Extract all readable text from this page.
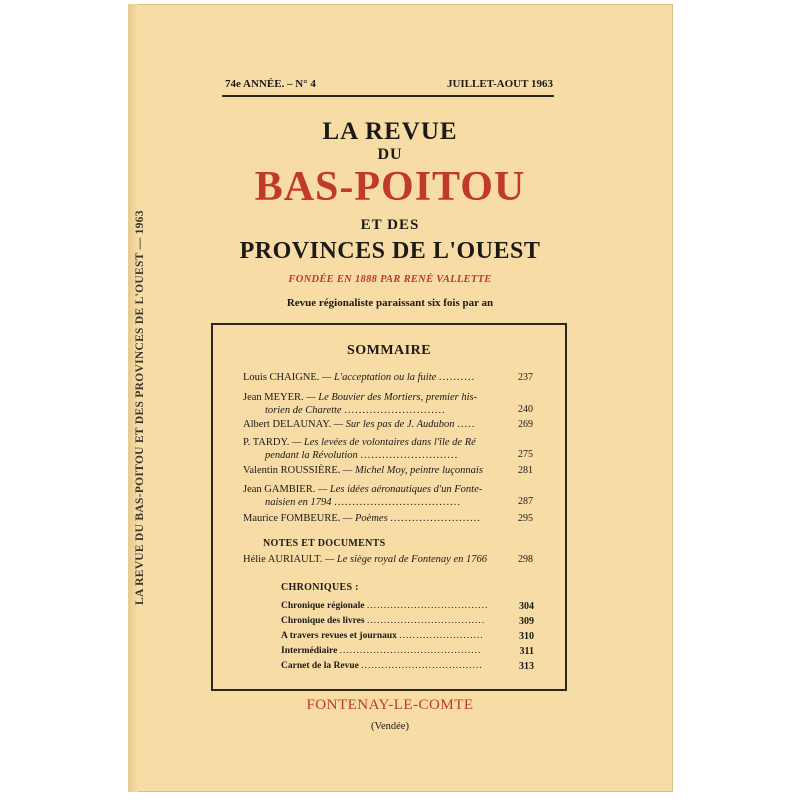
LA REVUE DU BAS-POITOU ET DES PROVINCES DE L'OUEST — 1963
74e ANNÉE. – N° 4	JUILLET-AOUT 1963
LA REVUE
DU
BAS-POITOU
ET DES
PROVINCES DE L'OUEST
FONDÉE EN 1888 PAR RENÉ VALLETTE
Revue régionaliste paraissant six fois par an
SOMMAIRE
Louis CHAIGNE. — L'acceptation ou la fuite ..........	237
Jean MEYER. — Le Bouvier des Mortiers, premier his-
torien de Charette ............................	240
Albert DELAUNAY. — Sur les pas de J. Audubon .....	269
P. TARDY. — Les levées de volontaires dans l'île de Ré
pendant la Révolution ...........................	275
Valentin ROUSSIÈRE. — Michel Moy, peintre luçonnais	281
Jean GAMBIER. — Les idées aéronautiques d'un Fonte-
naisien en 1794 ...................................	287
Maurice FOMBEURE. — Poèmes .........................	295
NOTES ET DOCUMENTS
Hélie AURIAULT. — Le siège royal de Fontenay en 1766	298
CHRONIQUES :
Chronique régionale ....................................	304
Chronique des livres ...................................	309
A travers revues et journaux .........................	310
Intermédiaire ..........................................	311
Carnet de la Revue ....................................	313
FONTENAY-LE-COMTE
(Vendée)
